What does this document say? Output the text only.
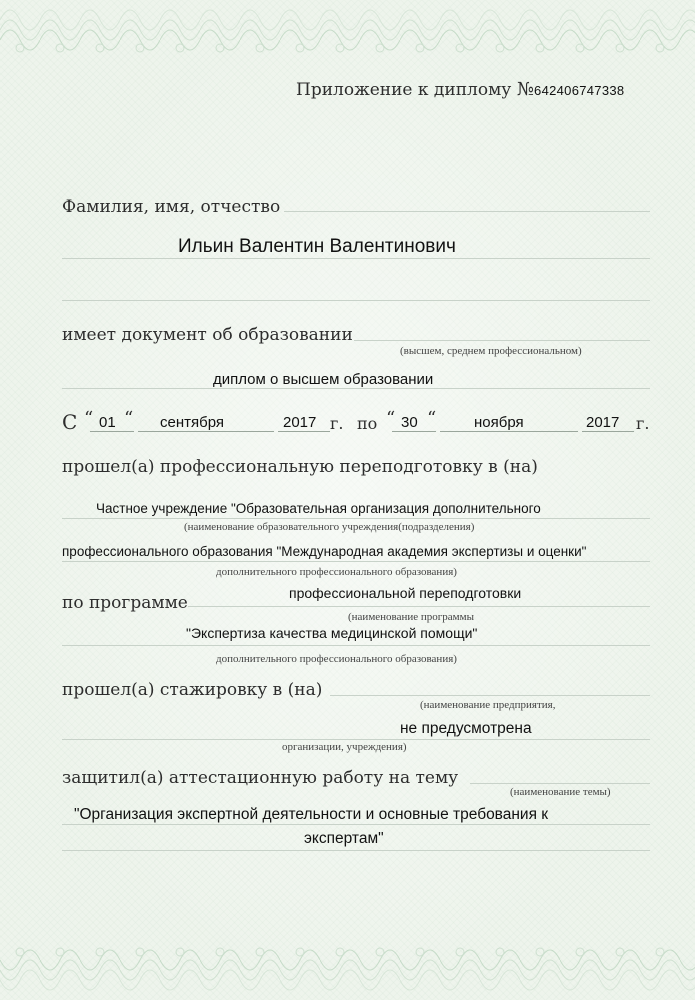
Приложение к диплому №642406747338
Фамилия, имя, отчество
Ильин Валентин Валентинович
имеет документ об образовании
(высшем, среднем профессиональном)
диплом о высшем образовании
С “ 01 “ сентября	2017 г. по “ 30 “	ноября	2017 г.
прошел(а) профессиональную переподготовку в (на)
Частное учреждение "Образовательная организация дополнительного
(наименование образовательного учреждения(подразделения)
профессионального образования "Международная академия экспертизы и оценки"
дополнительного профессионального образования)
по программе	профессиональной переподготовки
(наименование программы
"Экспертиза качества медицинской помощи"
дополнительного профессионального образования)
прошел(а) стажировку в (на)
(наименование предприятия,
не предусмотрена
организации, учреждения)
защитил(а) аттестационную работу на тему
(наименование темы)
"Организация экспертной деятельности и основные требования к
экспертам"
